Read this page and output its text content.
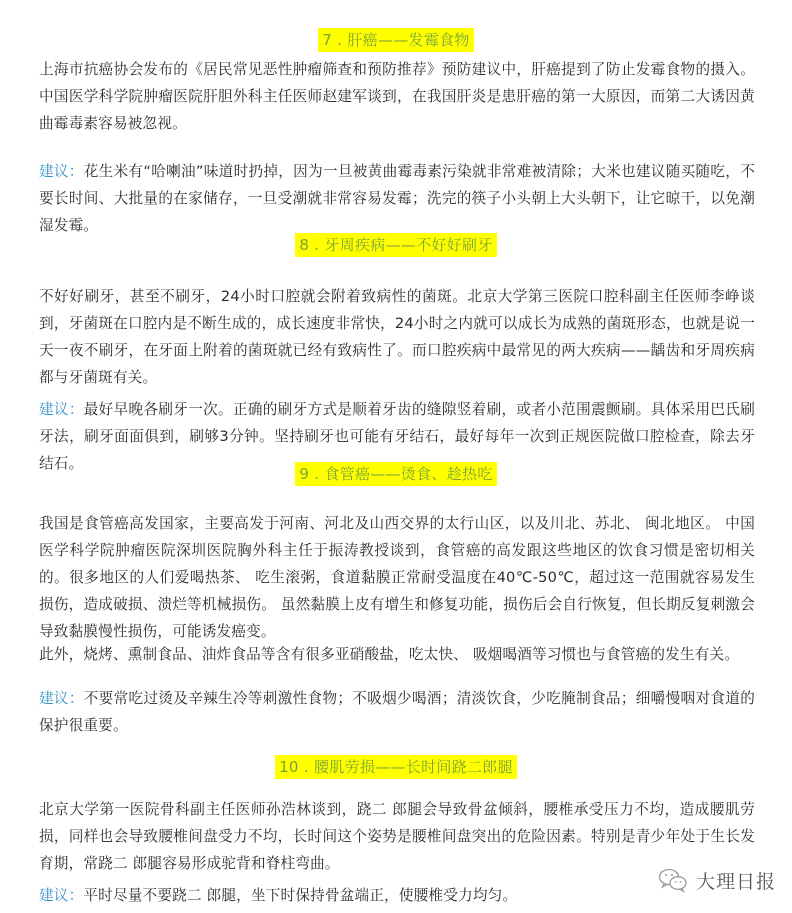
7 . 肝癌——发霉食物

上海市抗癌协会发布的《居民常见恶性肿瘤筛查和预防推荐》预防建议中，肝癌提到了防止发霉食物的摄入。 中国医学科学院肿瘤医院肝胆外科主任医师赵建军谈到，在我国肝炎是患肝癌的第一大原因，而第二大诱因黄曲霉毒素容易被忽视。

建议：花生米有“哈喇油”味道时扔掉，因为一旦被黄曲霉毒素污染就非常难被清除；大米也建议随买随吃，不要长时间、大批量的在家储存，一旦受潮就非常容易发霉；洗完的筷子小头朝上大头朝下，让它晾干，以免潮湿发霉。

8 . 牙周疾病——不好好刷牙

不好好刷牙，甚至不刷牙，24小时口腔就会附着致病性的菌斑。北京大学第三医院口腔科副主任医师李峥谈到，牙菌斑在口腔内是不断生成的，成长速度非常快，24小时之内就可以成长为成熟的菌斑形态，也就是说一天一夜不刷牙，在牙面上附着的菌斑就已经有致病性了。而口腔疾病中最常见的两大疾病——龋齿和牙周疾病都与牙菌斑有关。

建议：最好早晚各刷牙一次。正确的刷牙方式是顺着牙齿的缝隙竖着刷，或者小范围震颤刷。具体采用巴氏刷牙法，刷牙面面俱到，刷够3分钟。坚持刷牙也可能有牙结石，最好每年一次到正规医院做口腔检查，除去牙结石。

9 . 食管癌——烫食、趁热吃

我国是食管癌高发国家，主要高发于河南、河北及山西交界的太行山区，以及川北、苏北、 闽北地区。 中国医学科学院肿瘤医院深圳医院胸外科主任于振涛教授谈到，食管癌的高发跟这些地区的饮食习惯是密切相关的。很多地区的人们爱喝热茶、 吃生滚粥，食道黏膜正常耐受温度在40℃-50℃，超过这一范围就容易发生损伤，造成破损、溃烂等机械损伤。 虽然黏膜上皮有增生和修复功能，损伤后会自行恢复，但长期反复刺激会导致黏膜慢性损伤，可能诱发癌变。

此外，烧烤、熏制食品、油炸食品等含有很多亚硝酸盐，吃太快、 吸烟喝酒等习惯也与食管癌的发生有关。

建议：不要常吃过烫及辛辣生冷等刺激性食物；不吸烟少喝酒；清淡饮食，少吃腌制食品；细嚼慢咽对食道的保护很重要。

10 . 腰肌劳损——长时间跷二郎腿

北京大学第一医院骨科副主任医师孙浩林谈到，跷二 郎腿会导致骨盆倾斜，腰椎承受压力不均，造成腰肌劳损，同样也会导致腰椎间盘受力不均，长时间这个姿势是腰椎间盘突出的危险因素。特别是青少年处于生长发育期，常跷二 郎腿容易形成驼背和脊柱弯曲。

建议：平时尽量不要跷二 郎腿，坐下时保持骨盆端正，使腰椎受力均匀。

大理日报
